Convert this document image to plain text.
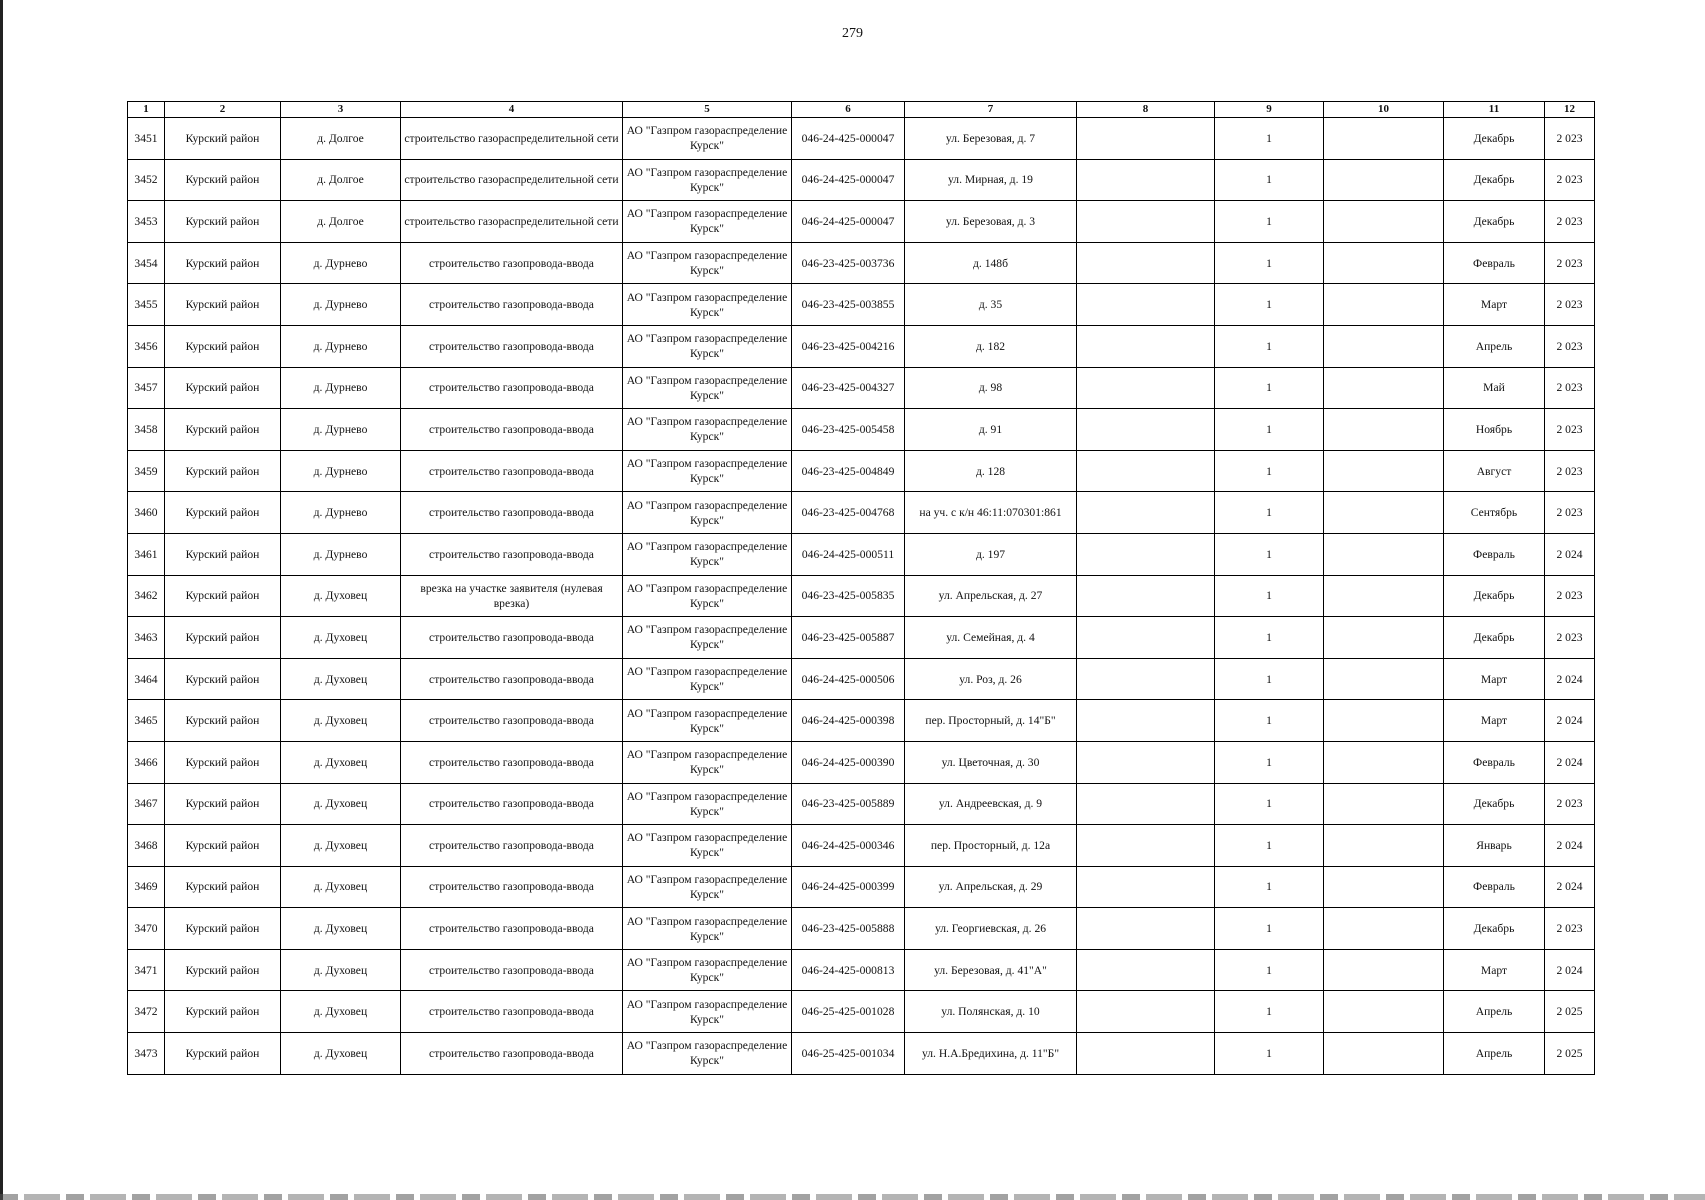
279
1	2	3	4	5	6	7	8	9	10	11	12
3451	Курский район	д. Долгое	строительство газораспределительной сети	АО "Газпром газораспределение Курск"	046-24-425-000047	ул. Березовая, д. 7		1		Декабрь	2 023
3452	Курский район	д. Долгое	строительство газораспределительной сети	АО "Газпром газораспределение Курск"	046-24-425-000047	ул. Мирная, д. 19		1		Декабрь	2 023
3453	Курский район	д. Долгое	строительство газораспределительной сети	АО "Газпром газораспределение Курск"	046-24-425-000047	ул. Березовая, д. 3		1		Декабрь	2 023
3454	Курский район	д. Дурнево	строительство газопровода-ввода	АО "Газпром газораспределение Курск"	046-23-425-003736	д. 148б		1		Февраль	2 023
3455	Курский район	д. Дурнево	строительство газопровода-ввода	АО "Газпром газораспределение Курск"	046-23-425-003855	д. 35		1		Март	2 023
3456	Курский район	д. Дурнево	строительство газопровода-ввода	АО "Газпром газораспределение Курск"	046-23-425-004216	д. 182		1		Апрель	2 023
3457	Курский район	д. Дурнево	строительство газопровода-ввода	АО "Газпром газораспределение Курск"	046-23-425-004327	д. 98		1		Май	2 023
3458	Курский район	д. Дурнево	строительство газопровода-ввода	АО "Газпром газораспределение Курск"	046-23-425-005458	д. 91		1		Ноябрь	2 023
3459	Курский район	д. Дурнево	строительство газопровода-ввода	АО "Газпром газораспределение Курск"	046-23-425-004849	д. 128		1		Август	2 023
3460	Курский район	д. Дурнево	строительство газопровода-ввода	АО "Газпром газораспределение Курск"	046-23-425-004768	на уч. с к/н 46:11:070301:861		1		Сентябрь	2 023
3461	Курский район	д. Дурнево	строительство газопровода-ввода	АО "Газпром газораспределение Курск"	046-24-425-000511	д. 197		1		Февраль	2 024
3462	Курский район	д. Духовец	врезка на участке заявителя (нулевая врезка)	АО "Газпром газораспределение Курск"	046-23-425-005835	ул. Апрельская, д. 27		1		Декабрь	2 023
3463	Курский район	д. Духовец	строительство газопровода-ввода	АО "Газпром газораспределение Курск"	046-23-425-005887	ул. Семейная, д. 4		1		Декабрь	2 023
3464	Курский район	д. Духовец	строительство газопровода-ввода	АО "Газпром газораспределение Курск"	046-24-425-000506	ул. Роз, д. 26		1		Март	2 024
3465	Курский район	д. Духовец	строительство газопровода-ввода	АО "Газпром газораспределение Курск"	046-24-425-000398	пер. Просторный, д. 14"Б"		1		Март	2 024
3466	Курский район	д. Духовец	строительство газопровода-ввода	АО "Газпром газораспределение Курск"	046-24-425-000390	ул. Цветочная, д. 30		1		Февраль	2 024
3467	Курский район	д. Духовец	строительство газопровода-ввода	АО "Газпром газораспределение Курск"	046-23-425-005889	ул. Андреевская, д. 9		1		Декабрь	2 023
3468	Курский район	д. Духовец	строительство газопровода-ввода	АО "Газпром газораспределение Курск"	046-24-425-000346	пер. Просторный, д. 12а		1		Январь	2 024
3469	Курский район	д. Духовец	строительство газопровода-ввода	АО "Газпром газораспределение Курск"	046-24-425-000399	ул. Апрельская, д. 29		1		Февраль	2 024
3470	Курский район	д. Духовец	строительство газопровода-ввода	АО "Газпром газораспределение Курск"	046-23-425-005888	ул. Георгиевская, д. 26		1		Декабрь	2 023
3471	Курский район	д. Духовец	строительство газопровода-ввода	АО "Газпром газораспределение Курск"	046-24-425-000813	ул. Березовая, д. 41"А"		1		Март	2 024
3472	Курский район	д. Духовец	строительство газопровода-ввода	АО "Газпром газораспределение Курск"	046-25-425-001028	ул. Полянская, д. 10		1		Апрель	2 025
3473	Курский район	д. Духовец	строительство газопровода-ввода	АО "Газпром газораспределение Курск"	046-25-425-001034	ул. Н.А.Бредихина, д. 11"Б"		1		Апрель	2 025
